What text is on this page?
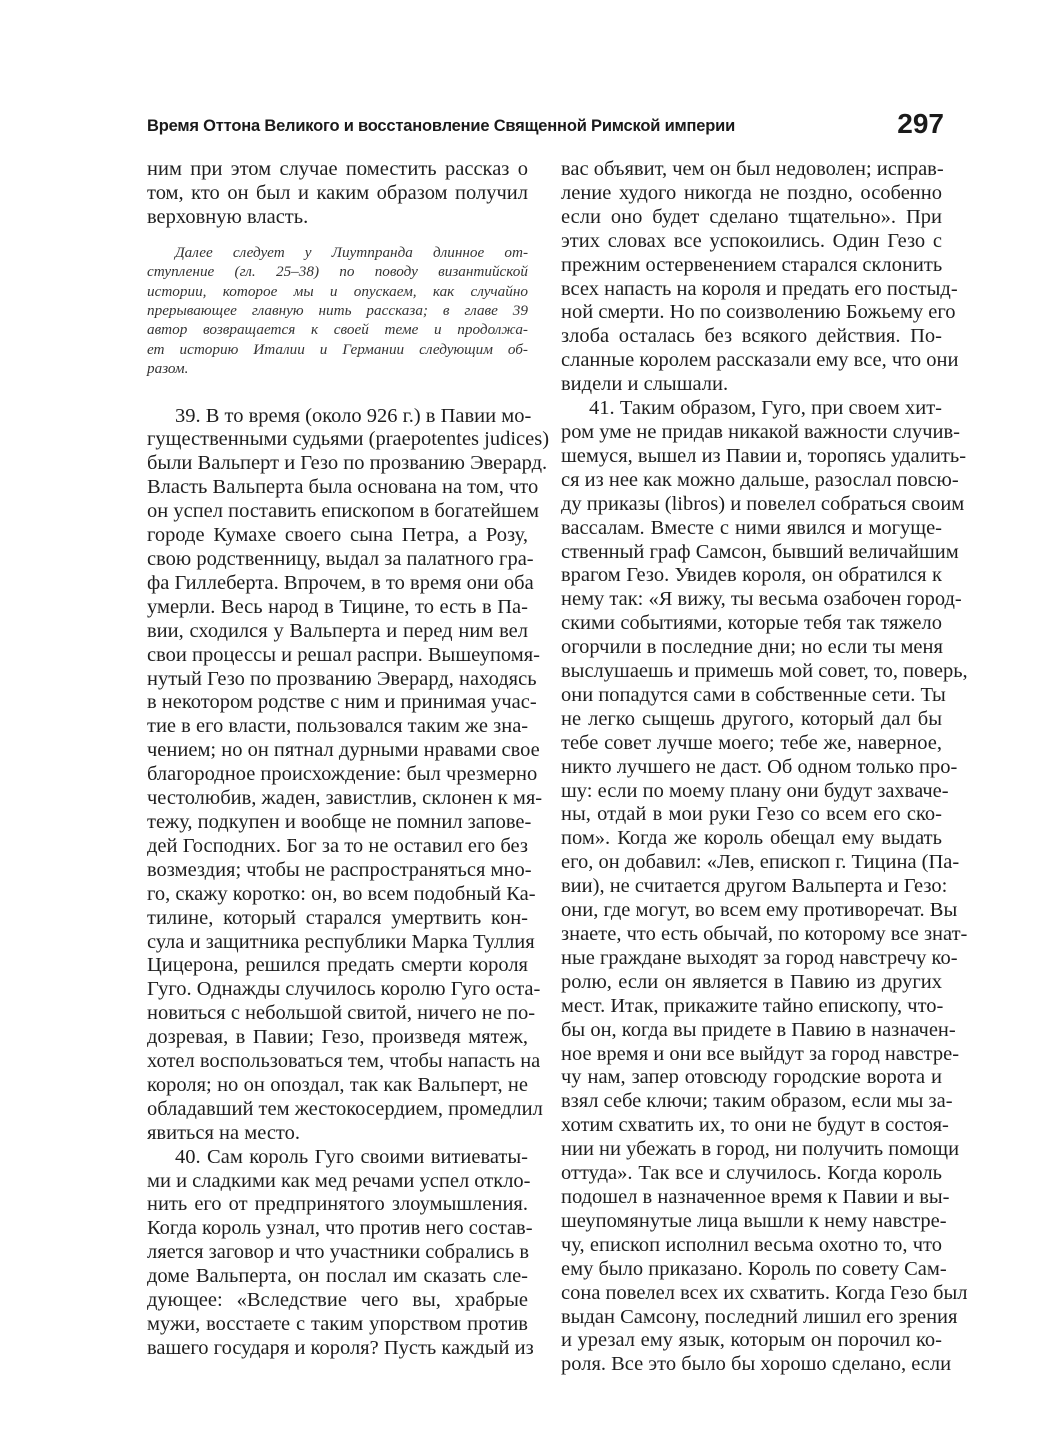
Время Оттона Великого и восстановление Священной Римской империи	297
ним при этом случае поместить рассказ о
том, кто он был и каким образом получил
верховную власть.
Далее следует у Лиутпранда длинное от-
ступление (гл. 25–38) по поводу византийской
истории, которое мы и опускаем, как случайно
прерывающее главную нить рассказа; в главе 39
автор возвращается к своей теме и продолжа-
ет историю Италии и Германии следующим об-
разом.
39. В то время (около 926 г.) в Павии мо-
гущественными судьями (praepotentes judices)
были Вальперт и Гезо по прозванию Эверард.
Власть Вальперта была основана на том, что
он успел поставить епископом в богатейшем
городе Кумахе своего сына Петра, а Розу,
свою родственницу, выдал за палатного гра-
фа Гиллеберта. Впрочем, в то время они оба
умерли. Весь народ в Тицине, то есть в Па-
вии, сходился у Вальперта и перед ним вел
свои процессы и решал распри. Вышеупомя-
нутый Гезо по прозванию Эверард, находясь
в некотором родстве с ним и принимая учас-
тие в его власти, пользовался таким же зна-
чением; но он пятнал дурными нравами свое
благородное происхождение: был чрезмерно
честолюбив, жаден, завистлив, склонен к мя-
тежу, подкупен и вообще не помнил запове-
дей Господних. Бог за то не оставил его без
возмездия; чтобы не распространяться мно-
го, скажу коротко: он, во всем подобный Ка-
тилине, который старался умертвить кон-
сула и защитника республики Марка Туллия
Цицерона, решился предать смерти короля
Гуго. Однажды случилось королю Гуго оста-
новиться с небольшой свитой, ничего не по-
дозревая, в Павии; Гезо, произведя мятеж,
хотел воспользоваться тем, чтобы напасть на
короля; но он опоздал, так как Вальперт, не
обладавший тем жестокосердием, промедлил
явиться на место.
40. Сам король Гуго своими витиеваты-
ми и сладкими как мед речами успел откло-
нить его от предпринятого злоумышления.
Когда король узнал, что против него состав-
ляется заговор и что участники собрались в
доме Вальперта, он послал им сказать сле-
дующее: «Вследствие чего вы, храбрые
мужи, восстаете с таким упорством против
вашего государя и короля? Пусть каждый из
вас объявит, чем он был недоволен; исправ-
ление худого никогда не поздно, особенно
если оно будет сделано тщательно». При
этих словах все успокоились. Один Гезо с
прежним остервенением старался склонить
всех напасть на короля и предать его постыд-
ной смерти. Но по соизволению Божьему его
злоба осталась без всякого действия. По-
сланные королем рассказали ему все, что они
видели и слышали.
41. Таким образом, Гуго, при своем хит-
ром уме не придав никакой важности случив-
шемуся, вышел из Павии и, торопясь удалить-
ся из нее как можно дальше, разослал повсю-
ду приказы (libros) и повелел собраться своим
вассалам. Вместе с ними явился и могуще-
ственный граф Самсон, бывший величайшим
врагом Гезо. Увидев короля, он обратился к
нему так: «Я вижу, ты весьма озабочен город-
скими событиями, которые тебя так тяжело
огорчили в последние дни; но если ты меня
выслушаешь и примешь мой совет, то, поверь,
они попадутся сами в собственные сети. Ты
не легко сыщешь другого, который дал бы
тебе совет лучше моего; тебе же, наверное,
никто лучшего не даст. Об одном только про-
шу: если по моему плану они будут захваче-
ны, отдай в мои руки Гезо со всем его ско-
пом». Когда же король обещал ему выдать
его, он добавил: «Лев, епископ г. Тицина (Па-
вии), не считается другом Вальперта и Гезо:
они, где могут, во всем ему противоречат. Вы
знаете, что есть обычай, по которому все знат-
ные граждане выходят за город навстречу ко-
ролю, если он является в Павию из других
мест. Итак, прикажите тайно епископу, что-
бы он, когда вы придете в Павию в назначен-
ное время и они все выйдут за город навстре-
чу нам, запер отовсюду городские ворота и
взял себе ключи; таким образом, если мы за-
хотим схватить их, то они не будут в состоя-
нии ни убежать в город, ни получить помощи
оттуда». Так все и случилось. Когда король
подошел в назначенное время к Павии и вы-
шеупомянутые лица вышли к нему навстре-
чу, епископ исполнил весьма охотно то, что
ему было приказано. Король по совету Сам-
сона повелел всех их схватить. Когда Гезо был
выдан Самсону, последний лишил его зрения
и урезал ему язык, которым он порочил ко-
роля. Все это было бы хорошо сделано, если
